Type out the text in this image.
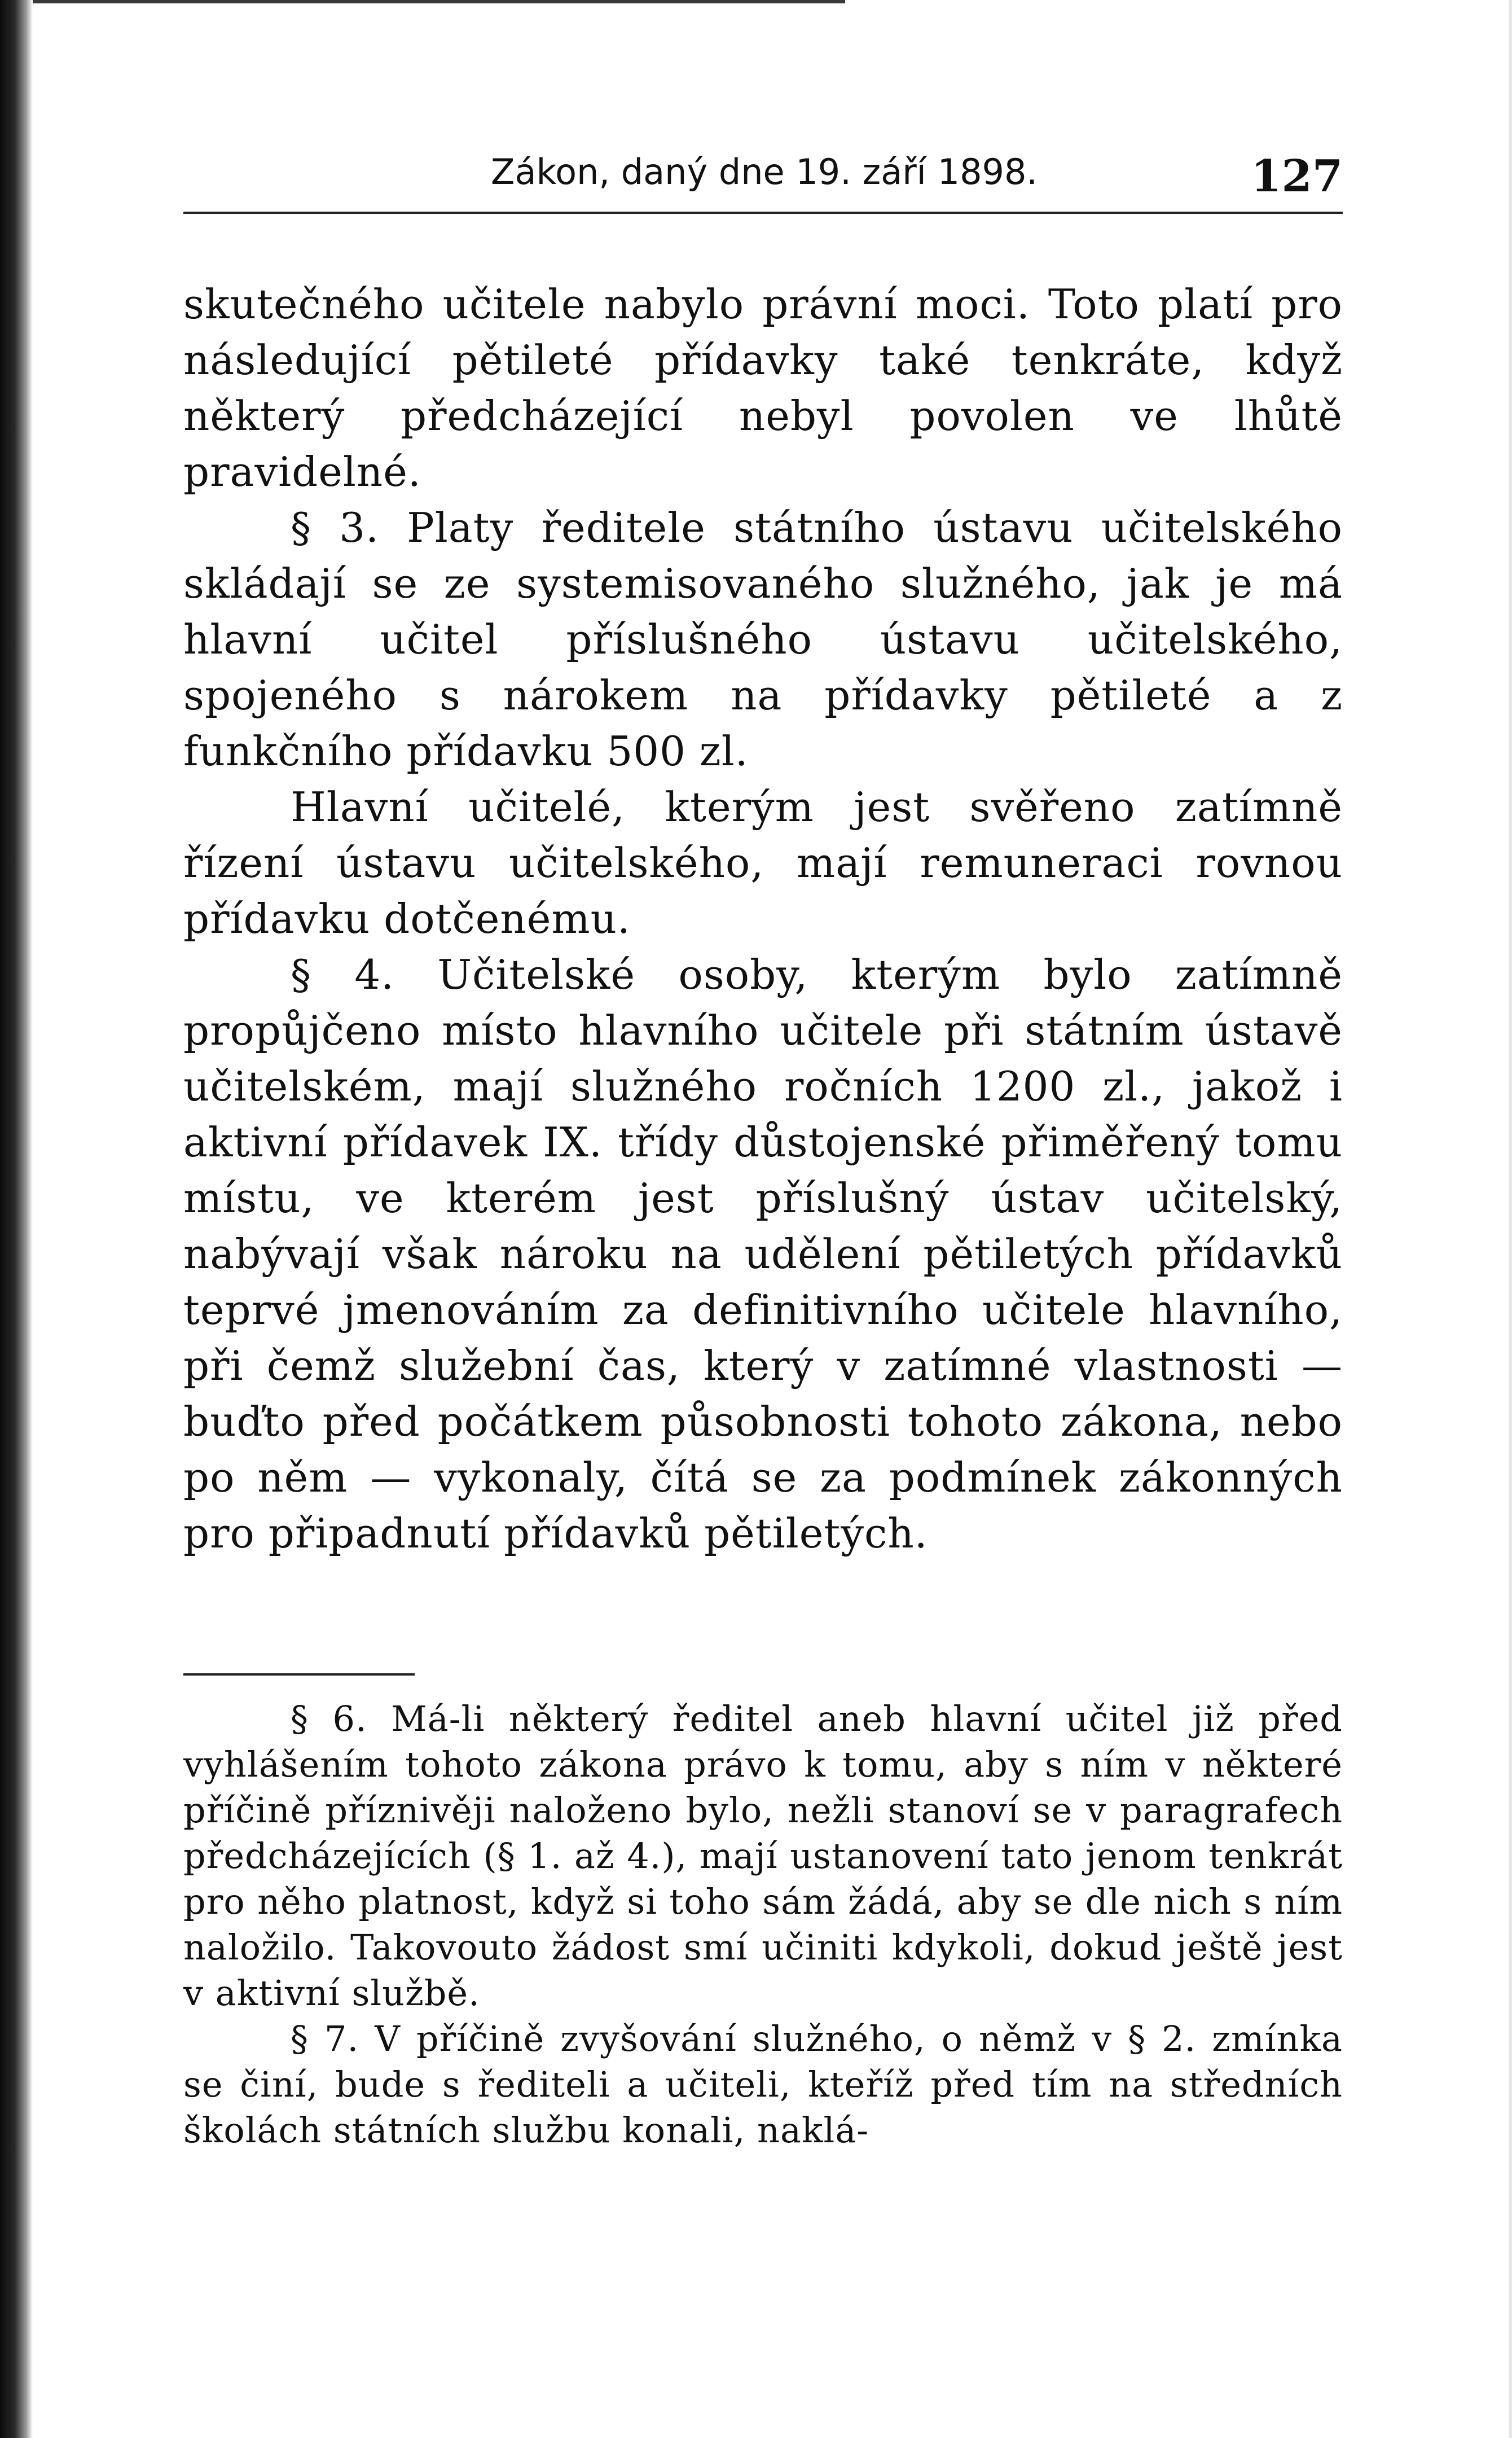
Zákon, daný dne 19. září 1898.	127

skutečného učitele nabylo právní moci. Toto platí pro následující pětileté přídavky také tenkráte, když některý předcházející nebyl povolen ve lhůtě pravidelné.

§ 3. Platy ředitele státního ústavu učitelského skládají se ze systemisovaného služného, jak je má hlavní učitel příslušného ústavu učitelského, spojeného s nárokem na přídavky pětileté a z funkčního přídavku 500 zl.

Hlavní učitelé, kterým jest svěřeno zatímně řízení ústavu učitelského, mají remuneraci rovnou přídavku dotčenému.

§ 4. Učitelské osoby, kterým bylo zatímně propůjčeno místo hlavního učitele při státním ústavě učitelském, mají služného ročních 1200 zl., jakož i aktivní přídavek IX. třídy důstojenské přiměřený tomu místu, ve kterém jest příslušný ústav učitelský, nabývají však nároku na udělení pětiletých přídavků teprvé jmenováním za definitivního učitele hlavního, při čemž služební čas, který v zatímné vlastnosti — buďto před počátkem působnosti tohoto zákona, nebo po něm — vykonaly, čítá se za podmínek zákonných pro připadnutí přídavků pětiletých.

§ 6. Má-li některý ředitel aneb hlavní učitel již před vyhlášením tohoto zákona právo k tomu, aby s ním v některé příčině příznivěji naloženo bylo, nežli stanoví se v paragrafech předcházejících (§ 1. až 4.), mají ustanovení tato jenom tenkrát pro něho platnost, když si toho sám žádá, aby se dle nich s ním naložilo. Takovouto žádost smí učiniti kdykoli, dokud ještě jest v aktivní službě.

§ 7. V příčině zvyšování služného, o němž v § 2. zmínka se činí, bude s řediteli a učiteli, kteříž před tím na středních školách státních službu konali, naklá-
